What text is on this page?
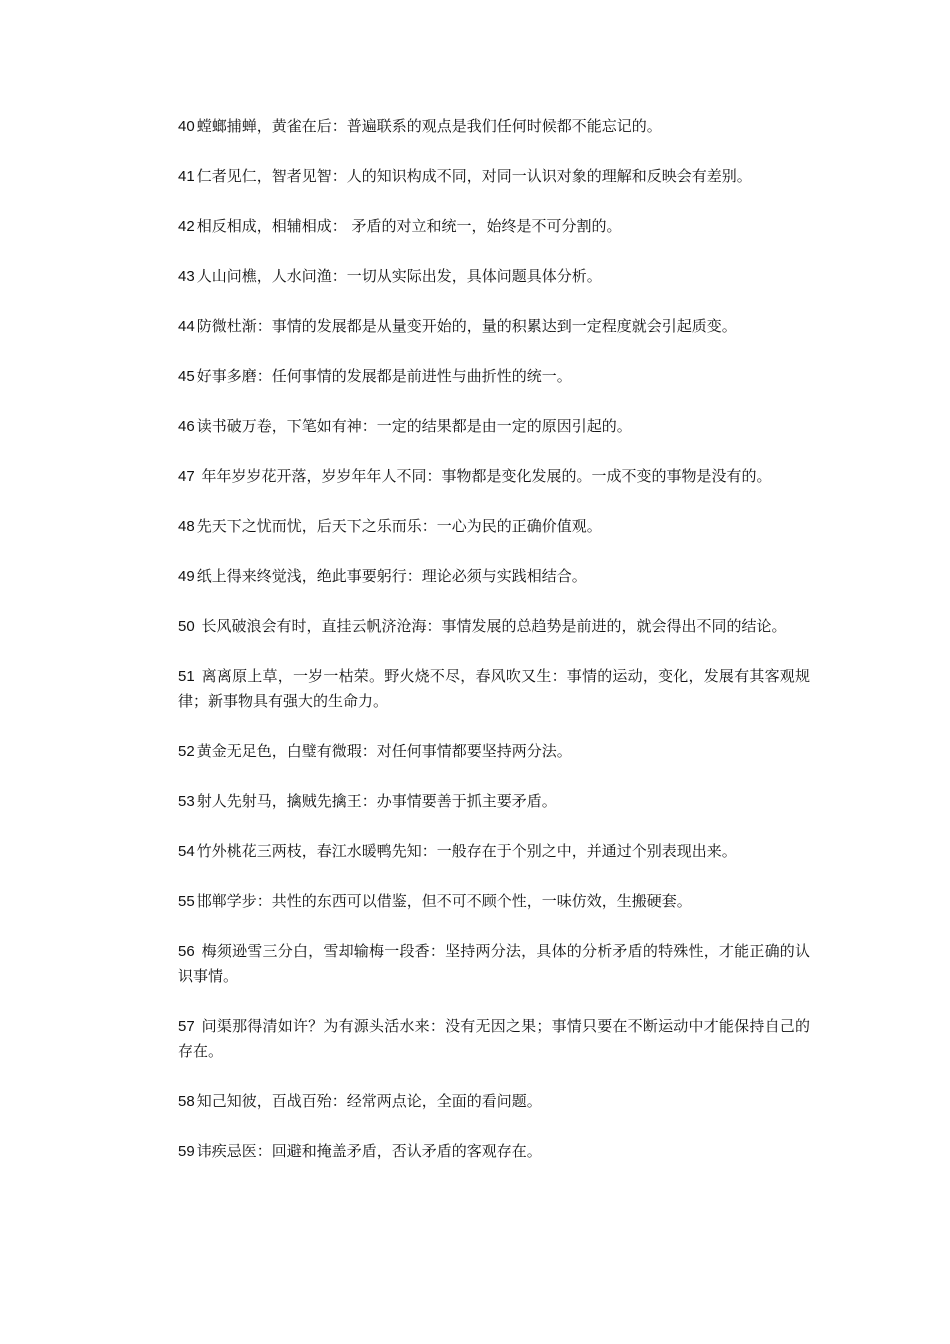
40 螳螂捕蝉，黄雀在后：普遍联系的观点是我们任何时候都不能忘记的。
41 仁者见仁，智者见智：人的知识构成不同，对同一认识对象的理解和反映会有差别。
42 相反相成，相辅相成： 矛盾的对立和统一，始终是不可分割的。
43 人山问樵，人水问渔：一切从实际出发，具体问题具体分析。
44 防微杜渐：事情的发展都是从量变开始的，量的积累达到一定程度就会引起质变。
45 好事多磨：任何事情的发展都是前进性与曲折性的统一。
46 读书破万卷，下笔如有神：一定的结果都是由一定的原因引起的。
47 年年岁岁花开落，岁岁年年人不同：事物都是变化发展的。一成不变的事物是没有的。
48 先天下之忧而忧，后天下之乐而乐：一心为民的正确价值观。
49 纸上得来终觉浅，绝此事要躬行：理论必须与实践相结合。
50 长风破浪会有时，直挂云帆济沧海：事情发展的总趋势是前进的，就会得出不同的结论。
51 离离原上草，一岁一枯荣。野火烧不尽，春风吹又生：事情的运动，变化，发展有其客观规律；新事物具有强大的生命力。
52 黄金无足色，白璧有微瑕：对任何事情都要坚持两分法。
53 射人先射马，擒贼先擒王：办事情要善于抓主要矛盾。
54 竹外桃花三两枝，春江水暖鸭先知：一般存在于个别之中，并通过个别表现出来。
55 邯郸学步：共性的东西可以借鉴，但不可不顾个性，一味仿效，生搬硬套。
56 梅须逊雪三分白，雪却输梅一段香：坚持两分法，具体的分析矛盾的特殊性，才能正确的认识事情。
57 问渠那得清如许？为有源头活水来：没有无因之果；事情只要在不断运动中才能保持自己的存在。
58 知己知彼，百战百殆：经常两点论，全面的看问题。
59 讳疾忌医：回避和掩盖矛盾，否认矛盾的客观存在。
